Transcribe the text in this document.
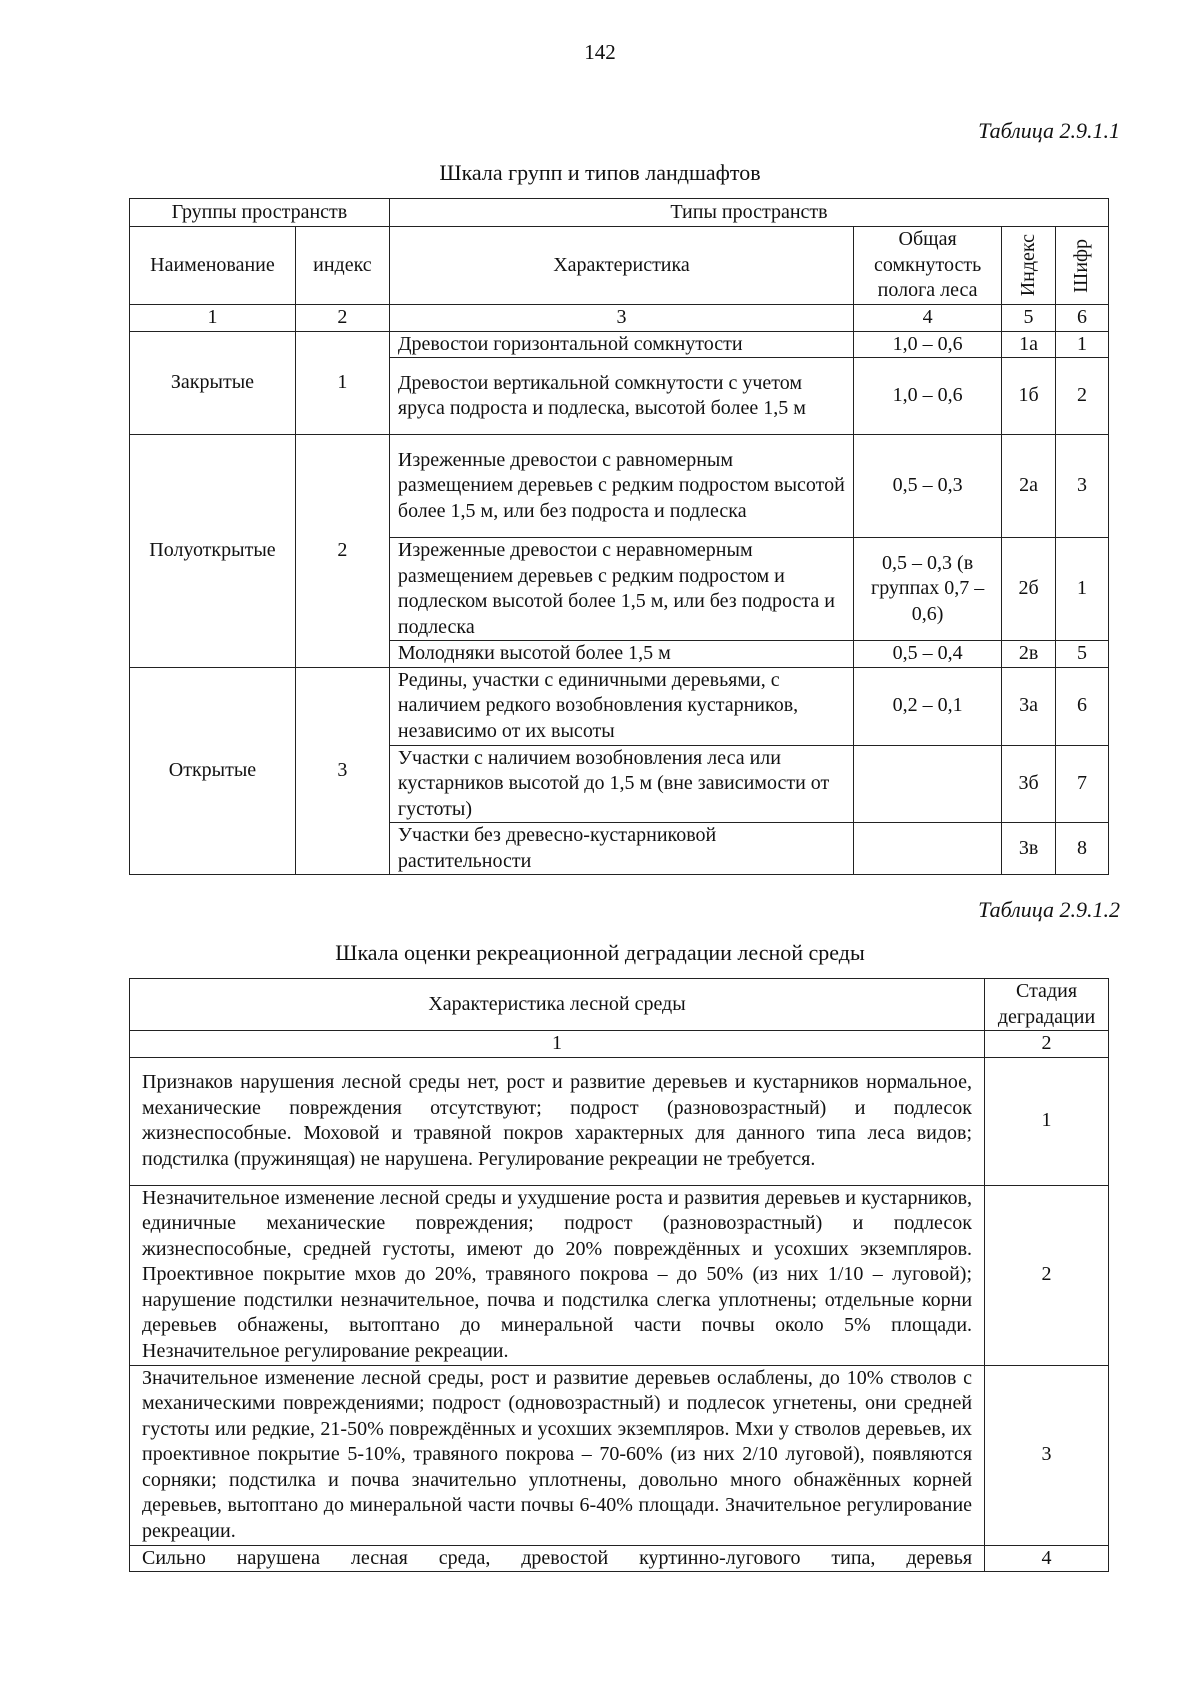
142
Таблица 2.9.1.1
Шкала групп и типов ландшафтов
Группы пространств		Типы пространств			
Наименование	индекс	Характеристика	Общая сомкнутость полога леса	Индекс	Шифр

1	2	3	4	5	6
Закрытые	1	Древостои горизонтальной сомкнутости	1,0 – 0,6	1а	1
		Древостои вертикальной сомкнутости с учетом яруса подроста и подлеска, высотой более 1,5 м	1,0 – 0,6	1б	2
Полуоткрытые	2	Изреженные древостои с равномерным размещением деревьев с редким подростом высотой более 1,5 м, или без подроста и подлеска	0,5 – 0,3	2а	3
		Изреженные древостои с неравномерным размещением деревьев с редким подростом и подлеском высотой более 1,5 м, или без подроста и подлеска	0,5 – 0,3 (в группах 0,7 – 0,6)	2б	1
		Молодняки высотой более 1,5 м	0,5 – 0,4	2в	5
Открытые	3	Редины, участки с единичными деревьями, с наличием редкого возобновления кустарников, независимо от их высоты	0,2 – 0,1	3а	6
		Участки с наличием возобновления леса или кустарников высотой до 1,5 м (вне зависимости от густоты)		3б	7
		Участки без древесно-кустарниковой растительности		3в	8
Таблица 2.9.1.2
Шкала оценки рекреационной деградации лесной среды
Характеристика лесной среды	Стадия деградации
1	2
Признаков нарушения лесной среды нет, рост и развитие деревьев и кустарников нормальное, механические повреждения отсутствуют; подрост (разновозрастный) и подлесок жизнеспособные. Моховой и травяной покров характерных для данного типа леса видов; подстилка (пружинящая) не нарушена. Регулирование рекреации не требуется.	1
Незначительное изменение лесной среды и ухудшение роста и развития деревьев и кустарников, единичные механические повреждения; подрост (разновозрастный) и подлесок жизнеспособные, средней густоты, имеют до 20% повреждённых и усохших экземпляров. Проективное покрытие мхов до 20%, травяного покрова – до 50% (из них 1/10 – луговой); нарушение подстилки незначительное, почва и подстилка слегка уплотнены; отдельные корни деревьев обнажены, вытоптано до минеральной части почвы около 5% площади. Незначительное регулирование рекреации.	2
Значительное изменение лесной среды, рост и развитие деревьев ослаблены, до 10% стволов с механическими повреждениями; подрост (одновозрастный) и подлесок угнетены, они средней густоты или редкие, 21-50% повреждённых и усохших экземпляров. Мхи у стволов деревьев, их проективное покрытие 5-10%, травяного покрова – 70-60% (из них 2/10 луговой), появляются сорняки; подстилка и почва значительно уплотнены, довольно много обнажённых корней деревьев, вытоптано до минеральной части почвы 6-40% площади. Значительное регулирование рекреации.	3
Сильно нарушена лесная среда, древостой куртинно-лугового типа, деревья	4
